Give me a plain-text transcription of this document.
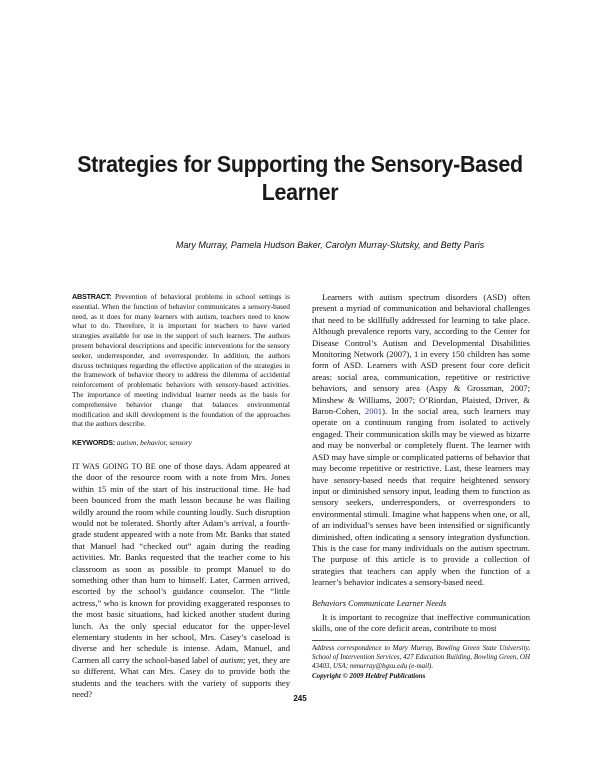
Strategies for Supporting the Sensory-Based Learner
Mary Murray, Pamela Hudson Baker, Carolyn Murray-Slutsky, and Betty Paris
ABSTRACT: Prevention of behavioral problems in school settings is essential. When the function of behavior communicates a sensory-based need, as it does for many learners with autism, teachers need to know what to do. Therefore, it is important for teachers to have varied strategies available for use in the support of such learners. The authors present behavioral descriptions and specific interventions for the sensory seeker, underresponder, and overresponder. In addition, the authors discuss techniques regarding the effective application of the strategies in the framework of behavior theory to address the dilemma of accidental reinforcement of problematic behaviors with sensory-based activities. The importance of meeting individual learner needs as the basis for comprehensive behavior change that balances environmental modification and skill development is the foundation of the approaches that the authors describe.
KEYWORDS: autism, behavior, sensory
IT WAS GOING TO BE one of those days. Adam appeared at the door of the resource room with a note from Mrs. Jones within 15 min of the start of his instructional time. He had been bounced from the math lesson because he was flailing wildly around the room while counting loudly. Such disruption would not be tolerated. Shortly after Adam’s arrival, a fourth-grade student appeared with a note from Mr. Banks that stated that Manuel had “checked out” again during the reading activities. Mr. Banks requested that the teacher come to his classroom as soon as possible to prompt Manuel to do something other than hum to himself. Later, Carmen arrived, escorted by the school’s guidance counselor. The “little actress,” who is known for providing exaggerated responses to the most basic situations, had kicked another student during lunch. As the only special educator for the upper-level elementary students in her school, Mrs. Casey’s caseload is diverse and her schedule is intense. Adam, Manuel, and Carmen all carry the school-based label of autism; yet, they are so different. What can Mrs. Casey do to provide both the students and the teachers with the variety of supports they need?

Learners with autism spectrum disorders (ASD) often present a myriad of communication and behavioral challenges that need to be skillfully addressed for learning to take place. Although prevalence reports vary, according to the Center for Disease Control’s Autism and Developmental Disabilities Monitoring Network (2007), 1 in every 150 children has some form of ASD. Learners with ASD present four core deficit areas: social area, communication, repetitive or restrictive behaviors, and sensory area (Aspy & Grossman, 2007; Minshew & Williams, 2007; O’Riordan, Plaisted, Driver, & Baron-Cohen, 2001). In the social area, such learners may operate on a continuum ranging from isolated to actively engaged. Their communication skills may be viewed as bizarre and may be nonverbal or completely fluent. The learner with ASD may have simple or complicated patterns of behavior that may become repetitive or restrictive. Last, these learners may have sensory-based needs that require heightened sensory input or diminished sensory input, leading them to function as sensory seekers, underresponders, or overresponders to environmental stimuli. Imagine what happens when one, or all, of an individual’s senses have been intensified or significantly diminished, often indicating a sensory integration dysfunction. This is the case for many individuals on the autism spectrum. The purpose of this article is to provide a collection of strategies that teachers can apply when the function of a learner’s behavior indicates a sensory-based need.

Behaviors Communicate Learner Needs

It is important to recognize that ineffective communication skills, one of the core deficit areas, contribute to most

Address correspondence to Mary Murray, Bowling Green State University, School of Intervention Services, 427 Education Building, Bowling Green, OH 43403, USA; mmurray@bgsu.edu (e-mail).
Copyright © 2009 Heldref Publications
245
